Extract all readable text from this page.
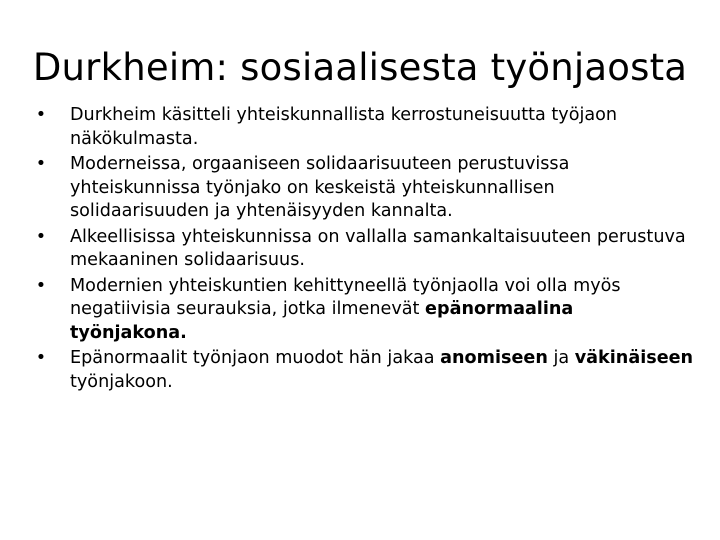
Durkheim: sosiaalisesta työnjaosta
• Durkheim käsitteli yhteiskunnallista kerrostuneisuutta työjaon näkökulmasta.
• Moderneissa, orgaaniseen solidaarisuuteen perustuvissa yhteiskunnissa työnjako on keskeistä yhteiskunnallisen solidaarisuuden ja yhtenäisyyden kannalta.
• Alkeellisissa yhteiskunnissa on vallalla samankaltaisuuteen perustuva mekaaninen solidaarisuus.
• Modernien yhteiskuntien kehittyneellä työnjaolla voi olla myös negatiivisia seurauksia, jotka ilmenevät epänormaalina työnjakona.
• Epänormaalit työnjaon muodot hän jakaa anomiseen ja väkinäiseen työnjakoon.
